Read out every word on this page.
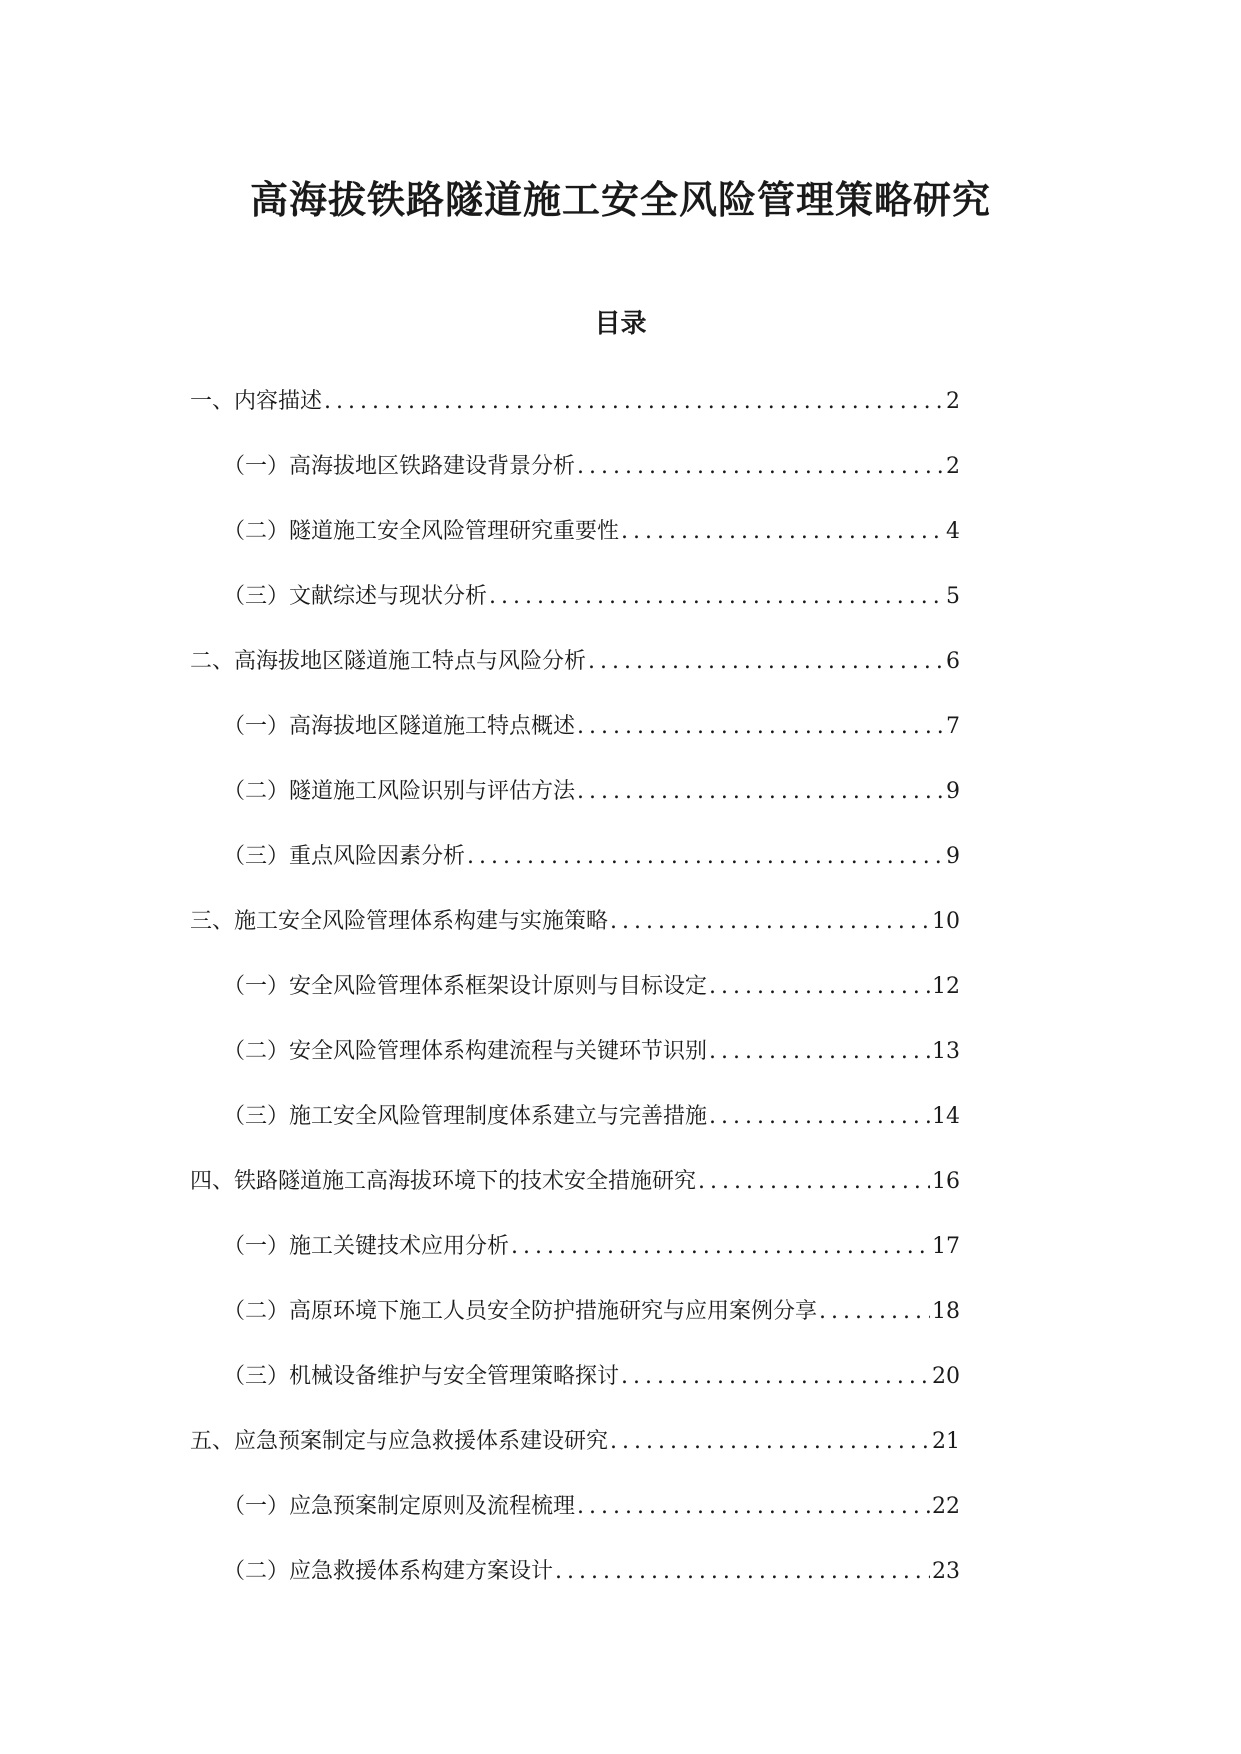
高海拔铁路隧道施工安全风险管理策略研究
目录
一、内容描述 .....	2
（一）高海拔地区铁路建设背景分析 .....	2
（二）隧道施工安全风险管理研究重要性 .....	4
（三）文献综述与现状分析 .....	5
二、高海拔地区隧道施工特点与风险分析 .....	6
（一）高海拔地区隧道施工特点概述 .....	7
（二）隧道施工风险识别与评估方法 .....	9
（三）重点风险因素分析 .....	9
三、施工安全风险管理体系构建与实施策略 .....	10
（一）安全风险管理体系框架设计原则与目标设定 .....	12
（二）安全风险管理体系构建流程与关键环节识别 .....	13
（三）施工安全风险管理制度体系建立与完善措施 .....	14
四、铁路隧道施工高海拔环境下的技术安全措施研究 .....	16
（一）施工关键技术应用分析 .....	17
（二）高原环境下施工人员安全防护措施研究与应用案例分享 .....	18
（三）机械设备维护与安全管理策略探讨 .....	20
五、应急预案制定与应急救援体系建设研究 .....	21
（一）应急预案制定原则及流程梳理 .....	22
（二）应急救援体系构建方案设计 .....	23
